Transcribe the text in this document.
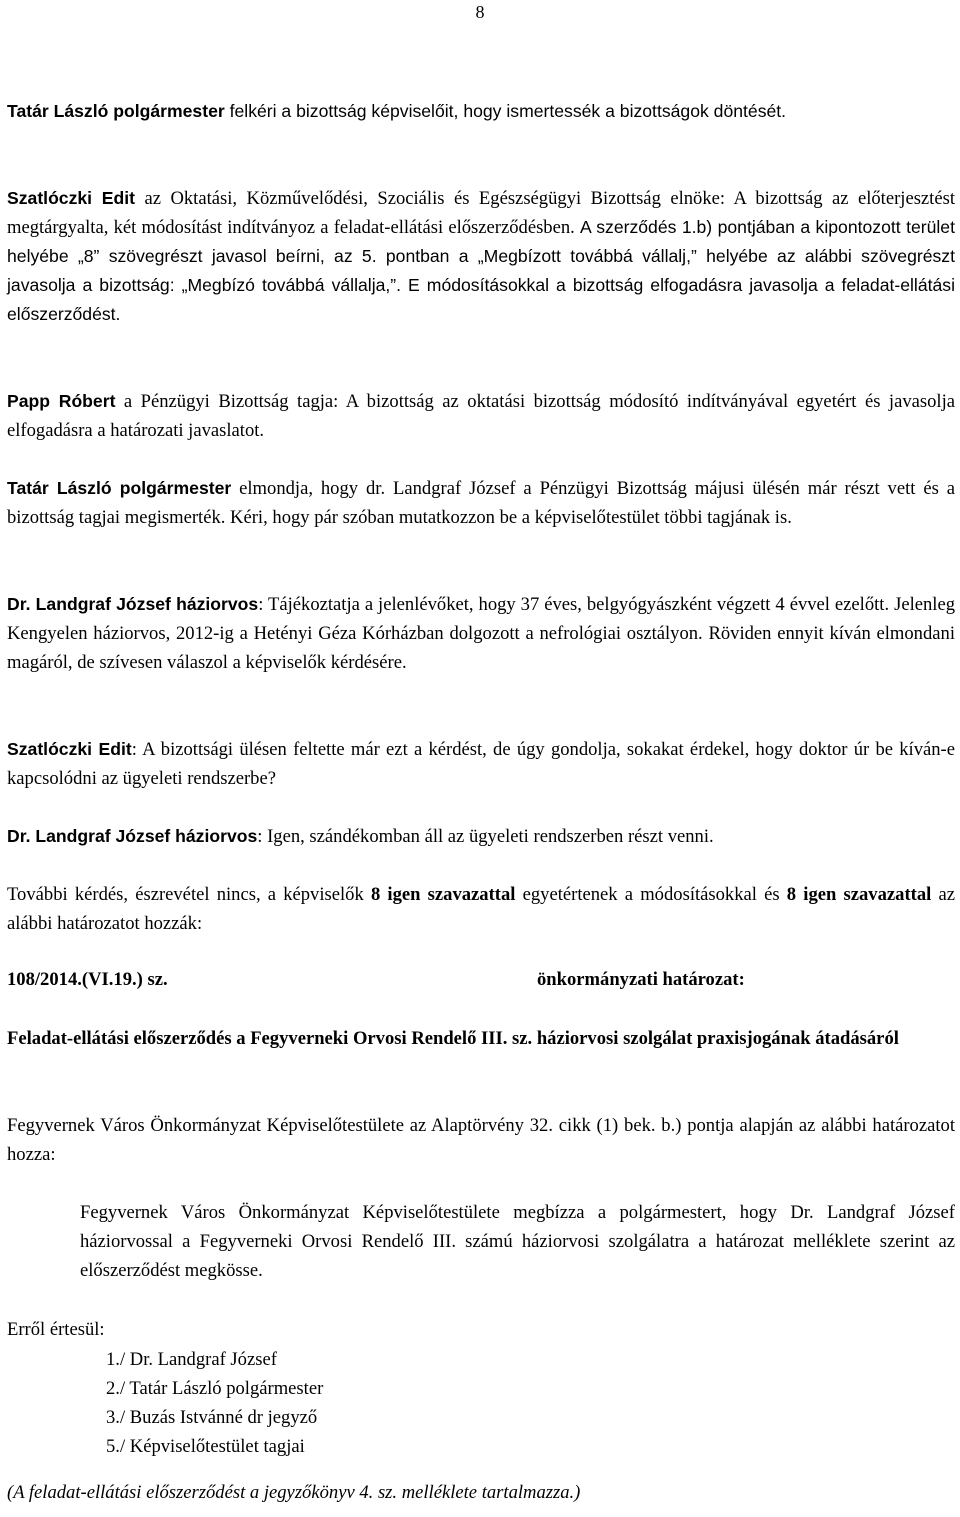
8

Tatár László polgármester felkéri a bizottság képviselőit, hogy ismertessék a bizottságok döntését.

Szatlóczki Edit az Oktatási, Közművelődési, Szociális és Egészségügyi Bizottság elnöke: A bizottság az előterjesztést megtárgyalta, két módosítást indítványoz a feladat-ellátási előszerződésben. A szerződés 1.b) pontjában a kipontozott terület helyébe „8” szövegrészt javasol beírni, az 5. pontban a „Megbízott továbbá vállalj,” helyébe az alábbi szövegrészt javasolja a bizottság: „Megbízó továbbá vállalja,”. E módosításokkal a bizottság elfogadásra javasolja a feladat-ellátási előszerződést.

Papp Róbert a Pénzügyi Bizottság tagja: A bizottság az oktatási bizottság módosító indítványával egyetért és javasolja elfogadásra a határozati javaslatot.

Tatár László polgármester elmondja, hogy dr. Landgraf József a Pénzügyi Bizottság májusi ülésén már részt vett és a bizottság tagjai megismerték. Kéri, hogy pár szóban mutatkozzon be a képviselőtestület többi tagjának is.

Dr. Landgraf József háziorvos: Tájékoztatja a jelenlévőket, hogy 37 éves, belgyógyászként végzett 4 évvel ezelőtt. Jelenleg Kengyelen háziorvos, 2012-ig a Hetényi Géza Kórházban dolgozott a nefrológiai osztályon. Röviden ennyit kíván elmondani magáról, de szívesen válaszol a képviselők kérdésére.

Szatlóczki Edit: A bizottsági ülésen feltette már ezt a kérdést, de úgy gondolja, sokakat érdekel, hogy doktor úr be kíván-e kapcsolódni az ügyeleti rendszerbe?

Dr. Landgraf József háziorvos: Igen, szándékomban áll az ügyeleti rendszerben részt venni.

További kérdés, észrevétel nincs, a képviselők 8 igen szavazattal egyetértenek a módosításokkal és 8 igen szavazattal az alábbi határozatot hozzák:

108/2014.(VI.19.) sz.	önkormányzati határozat:
Feladat-ellátási előszerződés a Fegyverneki Orvosi Rendelő III. sz. háziorvosi szolgálat praxisjogának átadásáról

Fegyvernek Város Önkormányzat Képviselőtestülete az Alaptörvény 32. cikk (1) bek. b.) pontja alapján az alábbi határozatot hozza:

Fegyvernek Város Önkormányzat Képviselőtestülete megbízza a polgármestert, hogy Dr. Landgraf József háziorvossal a Fegyverneki Orvosi Rendelő III. számú háziorvosi szolgálatra a határozat melléklete szerint az előszerződést megkösse.

Erről értesül:
1./ Dr. Landgraf József
2./ Tatár László polgármester
3./ Buzás Istvánné dr jegyző
5./ Képviselőtestület tagjai
(A feladat-ellátási előszerződést a jegyzőkönyv 4. sz. melléklete tartalmazza.)
